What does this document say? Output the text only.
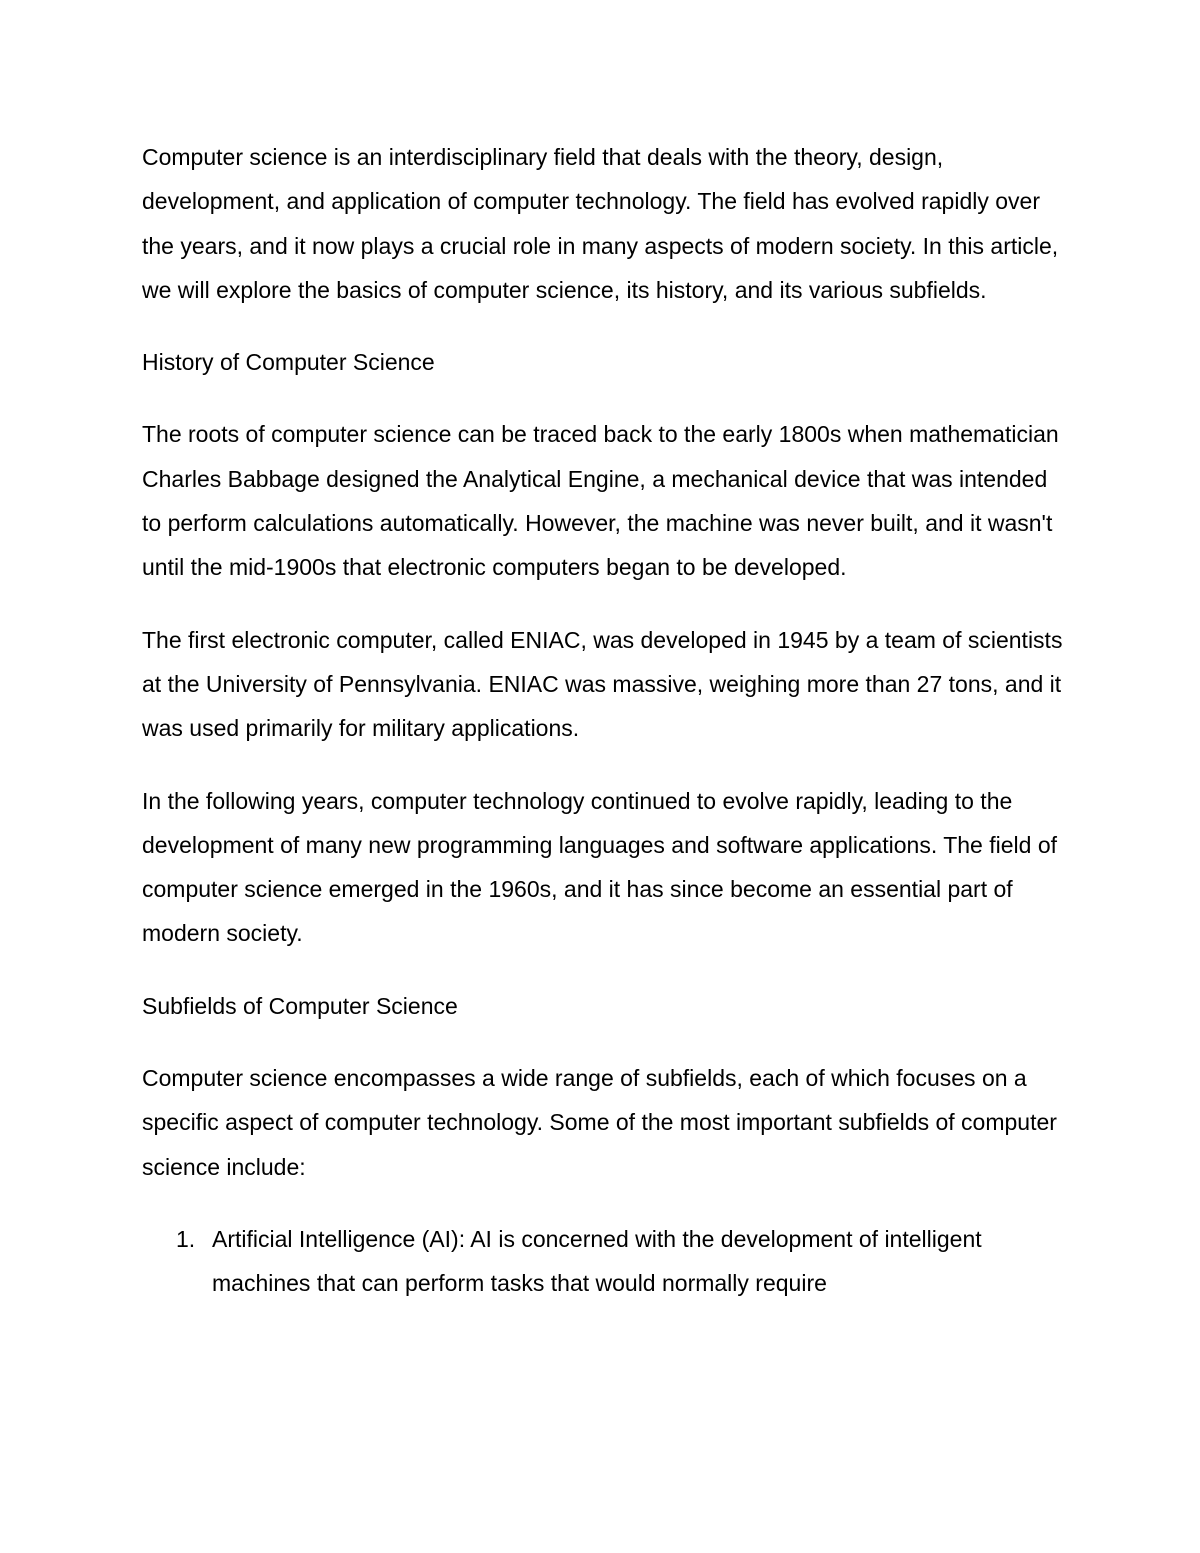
Computer science is an interdisciplinary field that deals with the theory, design, development, and application of computer technology. The field has evolved rapidly over the years, and it now plays a crucial role in many aspects of modern society. In this article, we will explore the basics of computer science, its history, and its various subfields.

History of Computer Science

The roots of computer science can be traced back to the early 1800s when mathematician Charles Babbage designed the Analytical Engine, a mechanical device that was intended to perform calculations automatically. However, the machine was never built, and it wasn't until the mid-1900s that electronic computers began to be developed.

The first electronic computer, called ENIAC, was developed in 1945 by a team of scientists at the University of Pennsylvania. ENIAC was massive, weighing more than 27 tons, and it was used primarily for military applications.

In the following years, computer technology continued to evolve rapidly, leading to the development of many new programming languages and software applications. The field of computer science emerged in the 1960s, and it has since become an essential part of modern society.

Subfields of Computer Science

Computer science encompasses a wide range of subfields, each of which focuses on a specific aspect of computer technology. Some of the most important subfields of computer science include:

1. Artificial Intelligence (AI): AI is concerned with the development of intelligent machines that can perform tasks that would normally require
